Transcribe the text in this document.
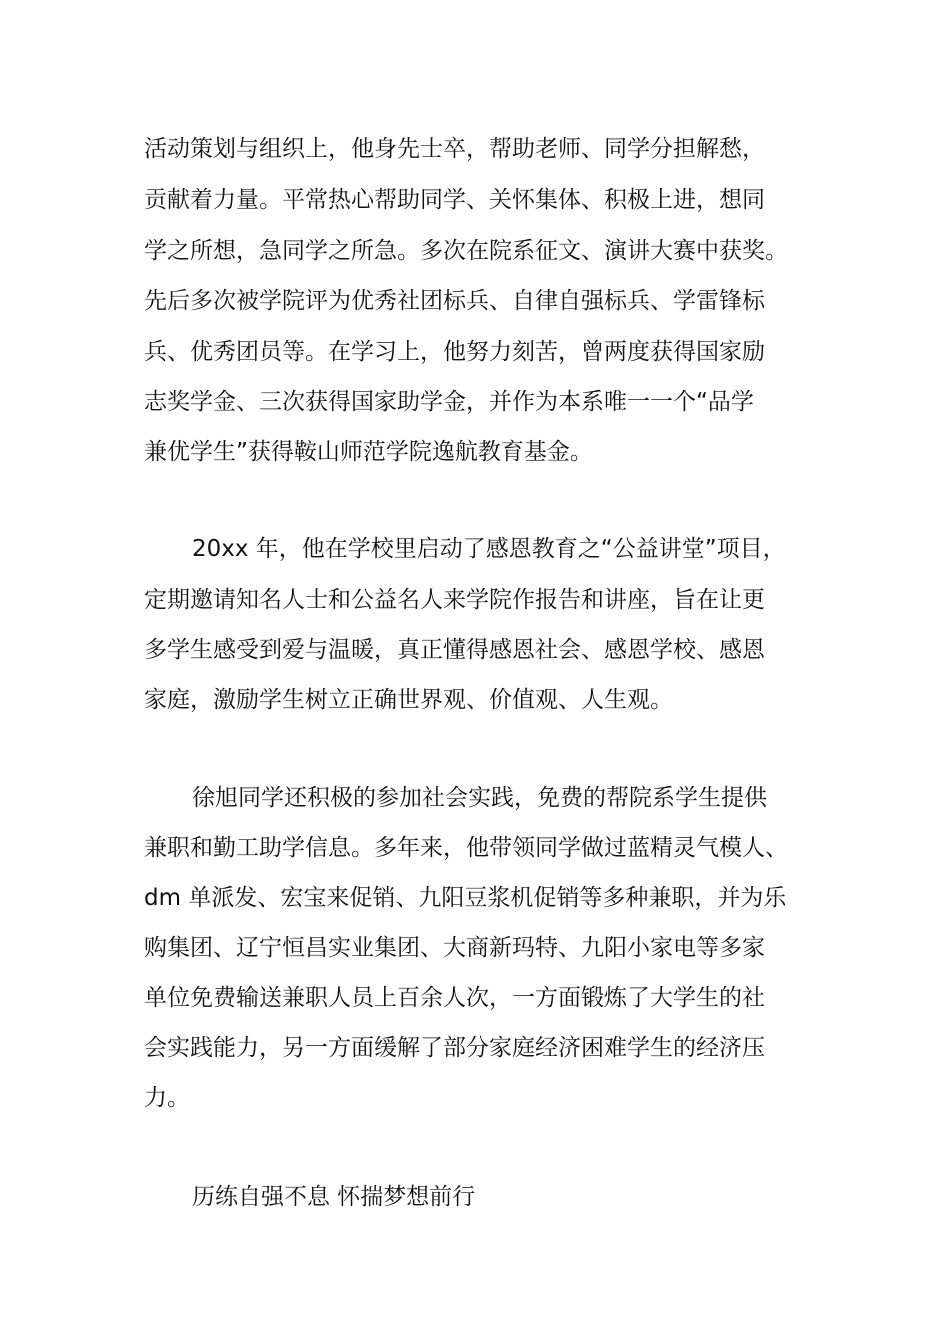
活动策划与组织上，他身先士卒，帮助老师、同学分担解愁，

贡献着力量。平常热心帮助同学、关怀集体、积极上进，想同

学之所想，急同学之所急。多次在院系征文、演讲大赛中获奖。

先后多次被学院评为优秀社团标兵、自律自强标兵、学雷锋标

兵、优秀团员等。在学习上，他努力刻苦，曾两度获得国家励

志奖学金、三次获得国家助学金，并作为本系唯一一个“品学

兼优学生”获得鞍山师范学院逸航教育基金。

20xx 年，他在学校里启动了感恩教育之“公益讲堂”项目，

定期邀请知名人士和公益名人来学院作报告和讲座，旨在让更

多学生感受到爱与温暖，真正懂得感恩社会、感恩学校、感恩

家庭，激励学生树立正确世界观、价值观、人生观。

徐旭同学还积极的参加社会实践，免费的帮院系学生提供

兼职和勤工助学信息。多年来，他带领同学做过蓝精灵气模人、

dm 单派发、宏宝来促销、九阳豆浆机促销等多种兼职，并为乐

购集团、辽宁恒昌实业集团、大商新玛特、九阳小家电等多家

单位免费输送兼职人员上百余人次，一方面锻炼了大学生的社

会实践能力，另一方面缓解了部分家庭经济困难学生的经济压

力。

历练自强不息 怀揣梦想前行
